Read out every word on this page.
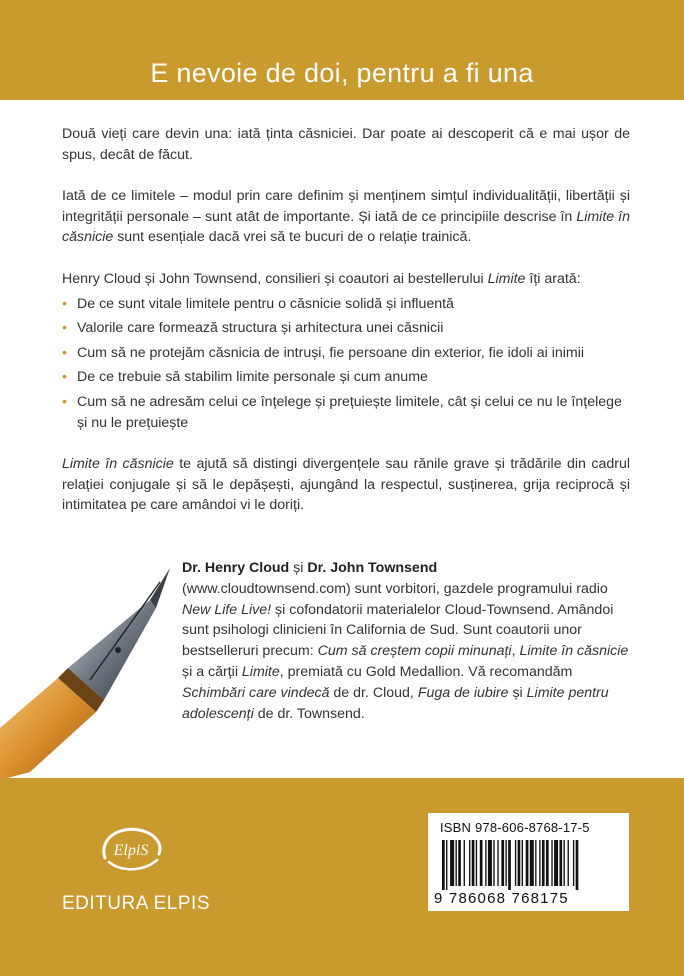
E nevoie de doi, pentru a fi una

Două vieți care devin una: iată ținta căsniciei. Dar poate ai descoperit că e mai ușor de spus, decât de făcut.

Iată de ce limitele – modul prin care definim și menținem simțul individualității, libertății și integrității personale – sunt atât de importante. Și iată de ce principiile descrise în Limite în căsnicie sunt esențiale dacă vrei să te bucuri de o relație trainică.

Henry Cloud și John Townsend, consilieri și coautori ai bestellerului Limite îți arată:

• De ce sunt vitale limitele pentru o căsnicie solidă și influentă
• Valorile care formează structura și arhitectura unei căsnicii
• Cum să ne protejăm căsnicia de intruși, fie persoane din exterior, fie idoli ai inimii
• De ce trebuie să stabilim limite personale și cum anume
• Cum să ne adresăm celui ce înțelege și prețuiește limitele, cât și celui ce nu le înțelege și nu le prețuiește

Limite în căsnicie te ajută să distingi divergențele sau rănile grave și trădările din cadrul relației conjugale și să le depășești, ajungând la respectul, susținerea, grija reciprocă și intimitatea pe care amândoi vi le doriți.

Dr. Henry Cloud și Dr. John Townsend
(www.cloudtownsend.com) sunt vorbitori, gazdele programului radio New Life Live! și cofondatorii materialelor Cloud-Townsend. Amândoi sunt psihologi clinicieni în California de Sud. Sunt coautorii unor bestselleruri precum: Cum să creștem copii minunați, Limite în căsnicie și a cărții Limite, premiată cu Gold Medallion. Vă recomandăm Schimbări care vindecă de dr. Cloud, Fuga de iubire și Limite pentru adolescenți de dr. Townsend.
ElpiS
EDITURA ELPIS
ISBN 978-606-8768-17-5
9 786068 768175
